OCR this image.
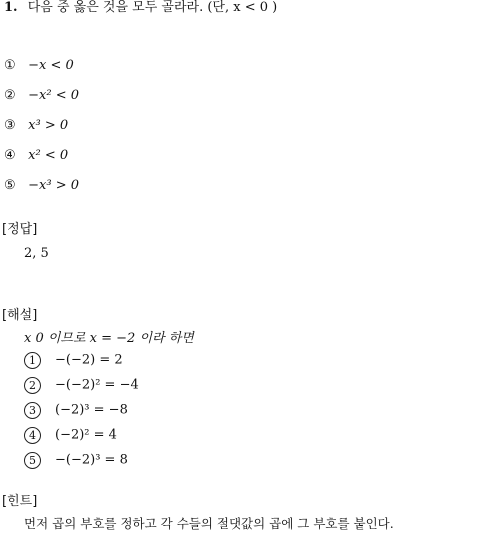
1. 다음 중 옳은 것을 모두 골라라. (단, x < 0 )
① −x < 0
② −x² < 0
③ x³ > 0
④ x² < 0
⑤ −x³ > 0
[정답]
2, 5
[해설]
x 0 이므로 x = −2 이라 하면
1 −(−2) = 2
2 −(−2)² = −4
3 (−2)³ = −8
4 (−2)² = 4
5 −(−2)³ = 8
[힌트]
먼저 곱의 부호를 정하고 각 수들의 절댓값의 곱에 그 부호를 붙인다.
